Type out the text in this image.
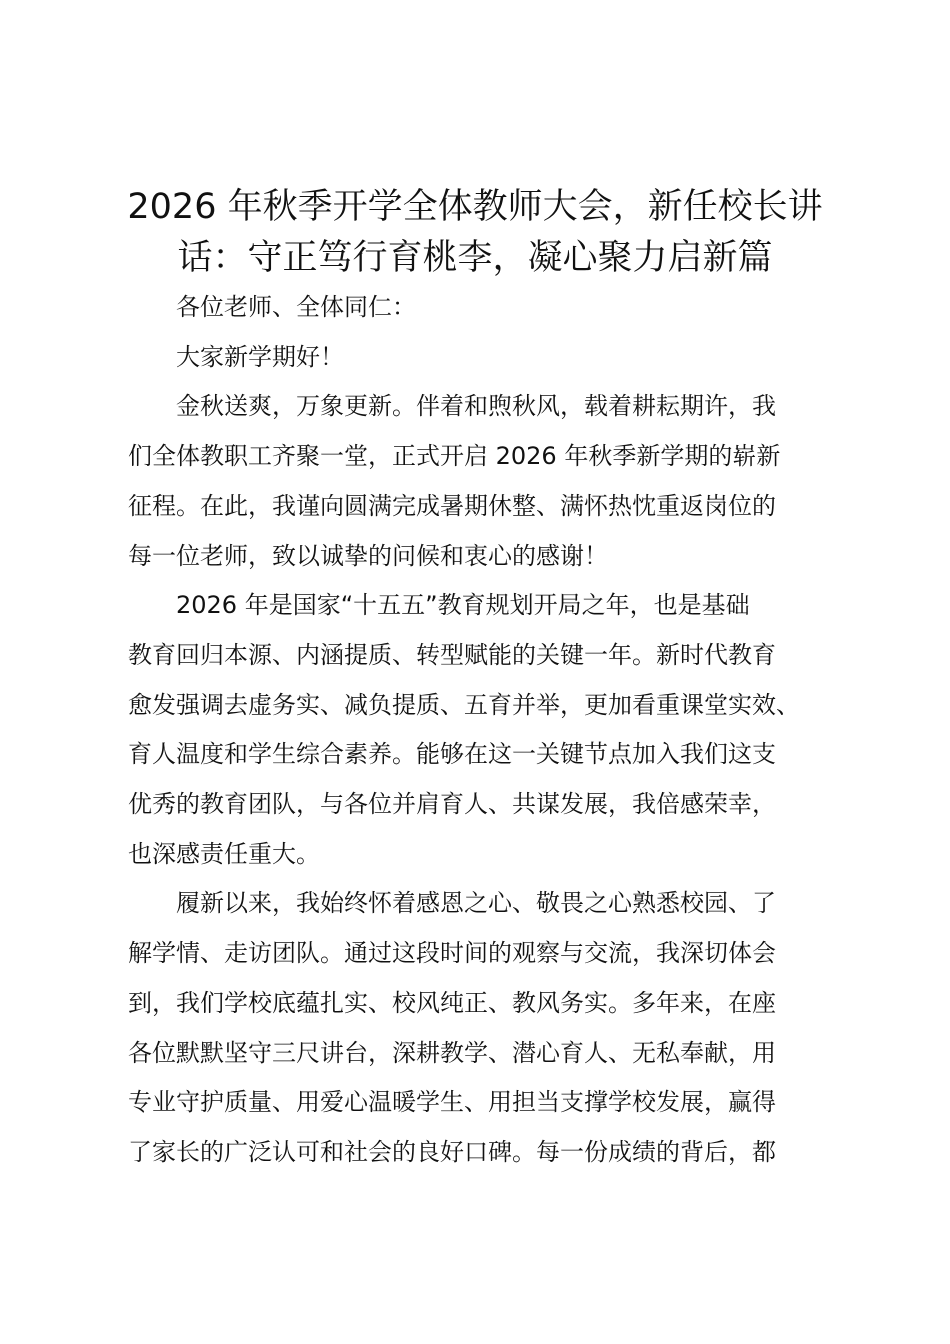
2026 年秋季开学全体教师大会，新任校长讲
话：守正笃行育桃李，凝心聚力启新篇

各位老师、全体同仁：

大家新学期好！

金秋送爽，万象更新。伴着和煦秋风，载着耕耘期许，我

们全体教职工齐聚一堂，正式开启 2026 年秋季新学期的崭新

征程。在此，我谨向圆满完成暑期休整、满怀热忱重返岗位的

每一位老师，致以诚挚的问候和衷心的感谢！

2026 年是国家“十五五”教育规划开局之年，也是基础

教育回归本源、内涵提质、转型赋能的关键一年。新时代教育

愈发强调去虚务实、减负提质、五育并举，更加看重课堂实效、

育人温度和学生综合素养。能够在这一关键节点加入我们这支

优秀的教育团队，与各位并肩育人、共谋发展，我倍感荣幸，

也深感责任重大。

履新以来，我始终怀着感恩之心、敬畏之心熟悉校园、了

解学情、走访团队。通过这段时间的观察与交流，我深切体会

到，我们学校底蕴扎实、校风纯正、教风务实。多年来，在座

各位默默坚守三尺讲台，深耕教学、潜心育人、无私奉献，用

专业守护质量、用爱心温暖学生、用担当支撑学校发展，赢得

了家长的广泛认可和社会的良好口碑。每一份成绩的背后，都
